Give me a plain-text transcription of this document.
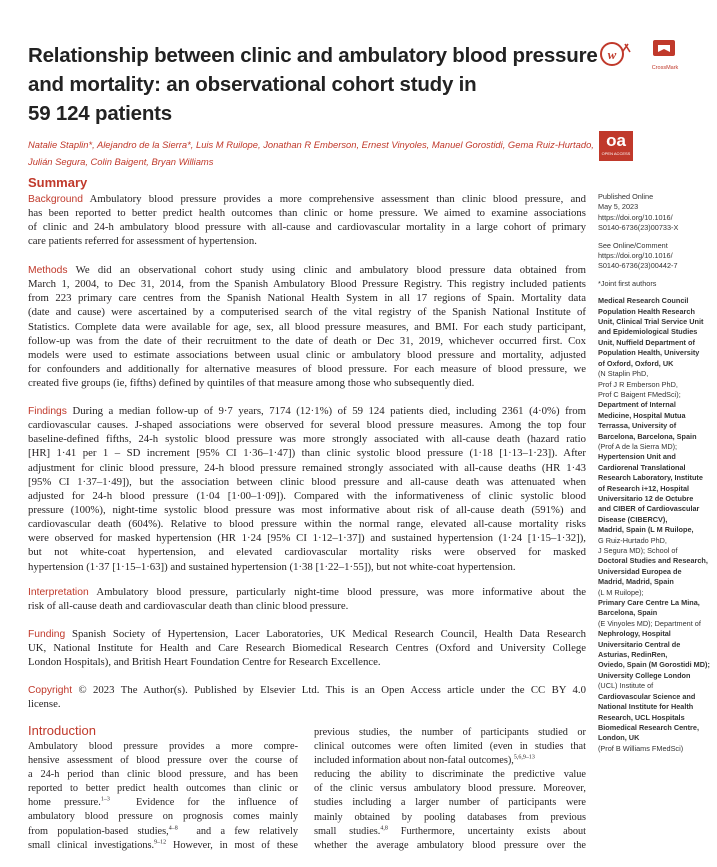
Relationship between clinic and ambulatory blood pressure
and mortality: an observational cohort study in
59 124 patients
w
CrossMark
oa
OPEN ACCESS
Natalie Staplin*, Alejandro de la Sierra*, Luis M Ruilope, Jonathan R Emberson, Ernest Vinyoles, Manuel Gorostidi, Gema Ruiz-Hurtado,
Julián Segura, Colin Baigent, Bryan Williams
Summary
Background Ambulatory blood pressure provides a more comprehensive assessment than clinic blood pressure, and
has been reported to better predict health outcomes than clinic or home pressure. We aimed to examine associations
of clinic and 24-h ambulatory blood pressure with all-cause and cardiovascular mortality in a large cohort of primary
care patients referred for assessment of hypertension.
Methods We did an observational cohort study using clinic and ambulatory blood pressure data obtained from
March 1, 2004, to Dec 31, 2014, from the Spanish Ambulatory Blood Pressure Registry. This registry included patients
from 223 primary care centres from the Spanish National Health System in all 17 regions of Spain. Mortality data
(date and cause) were ascertained by a computerised search of the vital registry of the Spanish National Institute of
Statistics. Complete data were available for age, sex, all blood pressure measures, and BMI. For each study participant,
follow-up was from the date of their recruitment to the date of death or Dec 31, 2019, whichever occurred first. Cox
models were used to estimate associations between usual clinic or ambulatory blood pressure and mortality, adjusted
for confounders and additionally for alternative measures of blood pressure. For each measure of blood pressure, we
created five groups (ie, fifths) defined by quintiles of that measure among those who subsequently died.
Findings During a median follow-up of 9·7 years, 7174 (12·1%) of 59 124 patients died, including 2361 (4·0%) from
cardiovascular causes. J-shaped associations were observed for several blood pressure measures. Among the top four
baseline-defined fifths, 24-h systolic blood pressure was more strongly associated with all-cause death (hazard ratio
[HR] 1·41 per 1 – SD increment [95% CI 1·36–1·47]) than clinic systolic blood pressure (1·18 [1·13–1·23]). After
adjustment for clinic blood pressure, 24-h blood pressure remained strongly associated with all-cause deaths (HR 1·43
[95% CI 1·37–1·49]), but the association between clinic blood pressure and all-cause death was attenuated when
adjusted for 24-h blood pressure (1·04 [1·00–1·09]). Compared with the informativeness of clinic systolic blood
pressure (100%), night-time systolic blood pressure was most informative about risk of all-cause death (591%) and
cardiovascular death (604%). Relative to blood pressure within the normal range, elevated all-cause mortality risks
were observed for masked hypertension (HR 1·24 [95% CI 1·12–1·37]) and sustained hypertension (1·24 [1·15–1·32]),
but not white-coat hypertension, and elevated cardiovascular mortality risks were observed for masked
hypertension (1·37 [1·15–1·63]) and sustained hypertension (1·38 [1·22–1·55]), but not white-coat hypertension.
Interpretation Ambulatory blood pressure, particularly night-time blood pressure, was more informative about the
risk of all-cause death and cardiovascular death than clinic blood pressure.
Funding Spanish Society of Hypertension, Lacer Laboratories, UK Medical Research Council, Health Data Research
UK, National Institute for Health and Care Research Biomedical Research Centres (Oxford and University College
London Hospitals), and British Heart Foundation Centre for Research Excellence.
Copyright © 2023 The Author(s). Published by Elsevier Ltd. This is an Open Access article under the CC BY 4.0
license.
Published Online
May 5, 2023
https://doi.org/10.1016/
S0140-6736(23)00733-X
See Online/Comment
https://doi.org/10.1016/
S0140-6736(23)00442-7
*Joint first authors
Medical Research Council
Population Health Research
Unit, Clinical Trial Service Unit
and Epidemiological Studies
Unit, Nuffield Department of
Population Health, University
of Oxford, Oxford, UK
(N Staplin PhD,
Prof J R Emberson PhD,
Prof C Baigent FMedSci);
Department of Internal
Medicine, Hospital Mutua
Terrassa, University of
Barcelona, Barcelona, Spain
(Prof A de la Sierra MD);
Hypertension Unit and
Cardiorenal Translational
Research Laboratory, Institute
of Research i+12, Hospital
Universitario 12 de Octubre
and CIBER of Cardiovascular
Disease (CIBERCV),
Madrid, Spain (L M Ruilope,
G Ruiz-Hurtado PhD,
J Segura MD); School of
Doctoral Studies and Research,
Universidad Europea de
Madrid, Madrid, Spain
(L M Ruilope);
Primary Care Centre La Mina,
Barcelona, Spain
(E Vinyoles MD); Department of
Nephrology, Hospital
Universitario Central de
Asturias, RedinRen,
Oviedo, Spain (M Gorostidi MD);
University College London
(UCL) Institute of
Cardiovascular Science and
National Institute for Health
Research, UCL Hospitals
Biomedical Research Centre,
London, UK
(Prof B Williams FMedSci)
Introduction
Ambulatory blood pressure provides a more compre-
hensive assessment of blood pressure over the course of
a 24-h period than clinic blood pressure, and has been
reported to better predict health outcomes than clinic or
home pressure.$^{1-3}$	Evidence for the influence of
ambulatory blood pressure on prognosis comes mainly
from population-based studies,$^{4-8}$ and a few relatively
small clinical investigations.$^{9-12}$ However, in most of these
previous studies, the number of participants studied or
clinical outcomes were often limited (even in studies that
included information about non-fatal outcomes),$^{5,6,9-13}$
reducing the ability to discriminate the predictive value
of the clinic versus ambulatory blood pressure. Moreover,
studies including a larger number of participants were
mainly obtained by pooling databases from previous
small studies.$^{4,8}$ Furthermore, uncertainty exists about
whether the average ambulatory blood pressure over the
